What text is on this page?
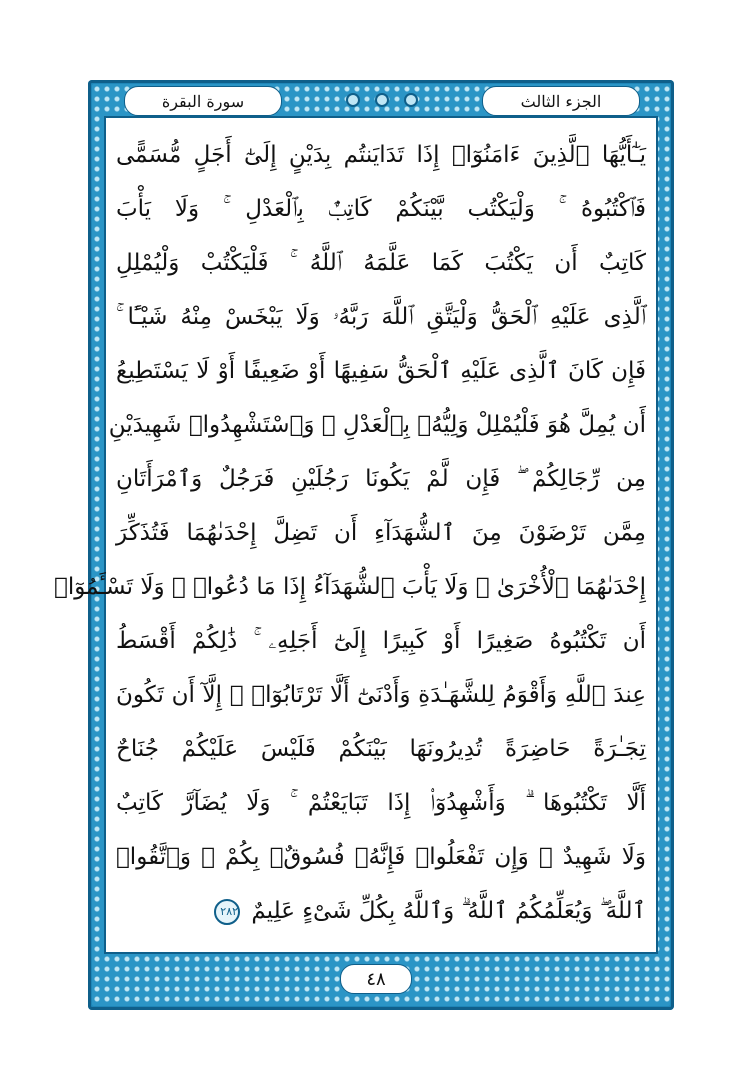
الجزء الثالث
سورة البقرة
يَـٰٓأَيُّهَا ٱلَّذِينَ ءَامَنُوٓا۟ إِذَا تَدَايَنتُم بِدَيْنٍ إِلَىٰٓ أَجَلٍ مُّسَمًّى
فَٱكْتُبُوهُ ۚ وَلْيَكْتُب بَّيْنَكُمْ كَاتِبٌۢ بِٱلْعَدْلِ ۚ وَلَا يَأْبَ
كَاتِبٌ أَن يَكْتُبَ كَمَا عَلَّمَهُ ٱللَّهُ ۚ فَلْيَكْتُبْ وَلْيُمْلِلِ
ٱلَّذِى عَلَيْهِ ٱلْحَقُّ وَلْيَتَّقِ ٱللَّهَ رَبَّهُۥ وَلَا يَبْخَسْ مِنْهُ شَيْـًٔا ۚ
فَإِن كَانَ ٱلَّذِى عَلَيْهِ ٱلْحَقُّ سَفِيهًا أَوْ ضَعِيفًا أَوْ لَا يَسْتَطِيعُ
أَن يُمِلَّ هُوَ فَلْيُمْلِلْ وَلِيُّهُۥ بِٱلْعَدْلِ ۚ وَٱسْتَشْهِدُوا۟ شَهِيدَيْنِ
مِن رِّجَالِكُمْ ۖ فَإِن لَّمْ يَكُونَا رَجُلَيْنِ فَرَجُلٌ وَٱمْرَأَتَانِ
مِمَّن تَرْضَوْنَ مِنَ ٱلشُّهَدَآءِ أَن تَضِلَّ إِحْدَىٰهُمَا فَتُذَكِّرَ
إِحْدَىٰهُمَا ٱلْأُخْرَىٰ ۚ وَلَا يَأْبَ ٱلشُّهَدَآءُ إِذَا مَا دُعُوا۟ ۚ وَلَا تَسْـَٔمُوٓا۟
أَن تَكْتُبُوهُ صَغِيرًا أَوْ كَبِيرًا إِلَىٰٓ أَجَلِهِۦ ۚ ذَٰلِكُمْ أَقْسَطُ
عِندَ ٱللَّهِ وَأَقْوَمُ لِلشَّهَـٰدَةِ وَأَدْنَىٰٓ أَلَّا تَرْتَابُوٓا۟ ۖ إِلَّآ أَن تَكُونَ
تِجَـٰرَةً حَاضِرَةً تُدِيرُونَهَا بَيْنَكُمْ فَلَيْسَ عَلَيْكُمْ جُنَاحٌ
أَلَّا تَكْتُبُوهَا ۗ وَأَشْهِدُوٓا۟ إِذَا تَبَايَعْتُمْ ۚ وَلَا يُضَآرَّ كَاتِبٌ
وَلَا شَهِيدٌ ۚ وَإِن تَفْعَلُوا۟ فَإِنَّهُۥ فُسُوقٌۢ بِكُمْ ۗ وَٱتَّقُوا۟
ٱللَّهَ ۖ وَيُعَلِّمُكُمُ ٱللَّهُ ۗ وَٱللَّهُ بِكُلِّ شَىْءٍ عَلِيمٌ ٢٨٢
٤٨
